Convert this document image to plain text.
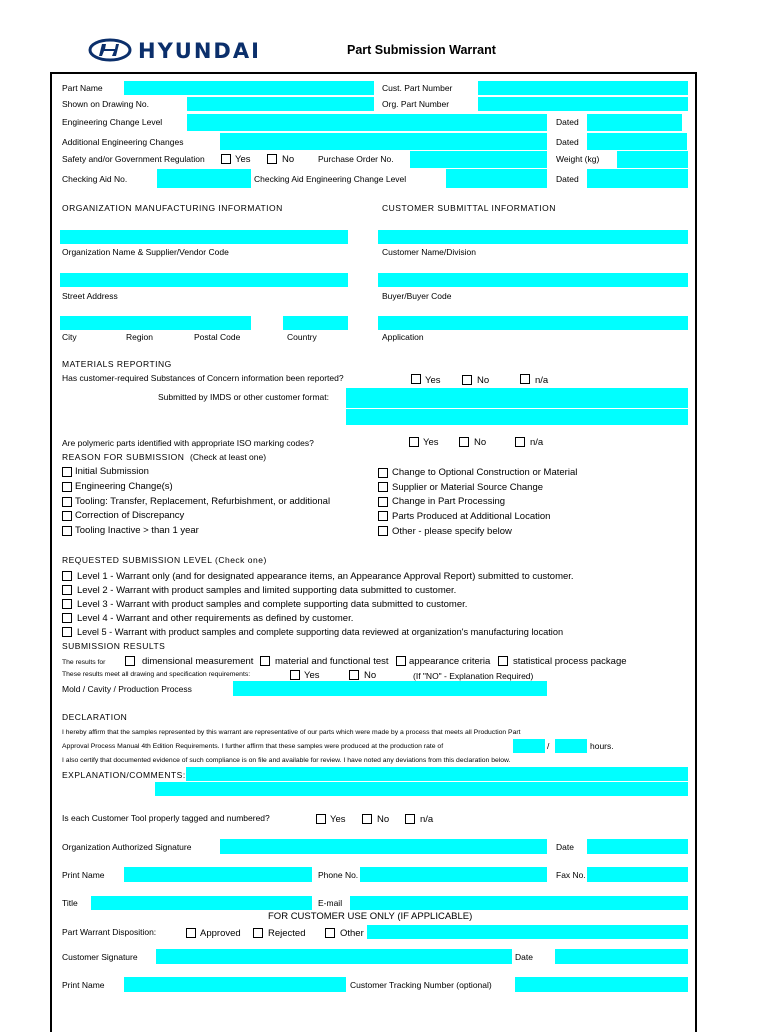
HYUNDAI	Part Submission Warrant
Part Name	Cust. Part Number
Shown on Drawing No.	Org. Part Number
Engineering Change Level	Dated
Additional Engineering Changes	Dated
Safety and/or Government Regulation	Yes	No	Purchase Order No.	Weight (kg)
Checking Aid No.	Checking Aid Engineering Change Level	Dated
ORGANIZATION MANUFACTURING INFORMATION	CUSTOMER SUBMITTAL INFORMATION
Organization Name & Supplier/Vendor Code	Customer Name/Division
Street Address	Buyer/Buyer Code
City	Region	Postal Code	Country	Application
MATERIALS REPORTING
Has customer-required Substances of Concern information been reported?	Yes	No	n/a
Submitted by IMDS or other customer format:
Are polymeric parts identified with appropriate ISO marking codes?	Yes	No	n/a
REASON FOR SUBMISSION (Check at least one)
Initial Submission
Engineering Change(s)
Tooling: Transfer, Replacement, Refurbishment, or additional
Correction of Discrepancy
Tooling Inactive > than 1 year
Change to Optional Construction or Material
Supplier or Material Source Change
Change in Part Processing
Parts Produced at Additional Location
Other - please specify below
REQUESTED SUBMISSION LEVEL (Check one)
Level 1 - Warrant only (and for designated appearance items, an Appearance Approval Report) submitted to customer.
Level 2 - Warrant with product samples and limited supporting data submitted to customer.
Level 3 - Warrant with product samples and complete supporting data submitted to customer.
Level 4 - Warrant and other requirements as defined by customer.
Level 5 - Warrant with product samples and complete supporting data reviewed at organization's manufacturing location
SUBMISSION RESULTS
The results for	dimensional measurement material and functional test appearance criteria statistical process package
These results meet all drawing and specification requirements:	Yes	No	(If "NO" - Explanation Required)
Mold / Cavity / Production Process
DECLARATION
I hereby affirm that the samples represented by this warrant are representative of our parts which were made by a process that meets all Production Part
Approval Process Manual 4th Edition Requirements. I further affirm that these samples were produced at the production rate of	/	hours.
I also certify that documented evidence of such compliance is on file and available for review. I have noted any deviations from this declaration below.
EXPLANATION/COMMENTS:
Is each Customer Tool properly tagged and numbered?	Yes	No	n/a
Organization Authorized Signature	Date
Print Name	Phone No.	Fax No.
Title	E-mail
FOR CUSTOMER USE ONLY (IF APPLICABLE)
Part Warrant Disposition:	Approved	Rejected	Other
Customer Signature	Date
Print Name	Customer Tracking Number (optional)
